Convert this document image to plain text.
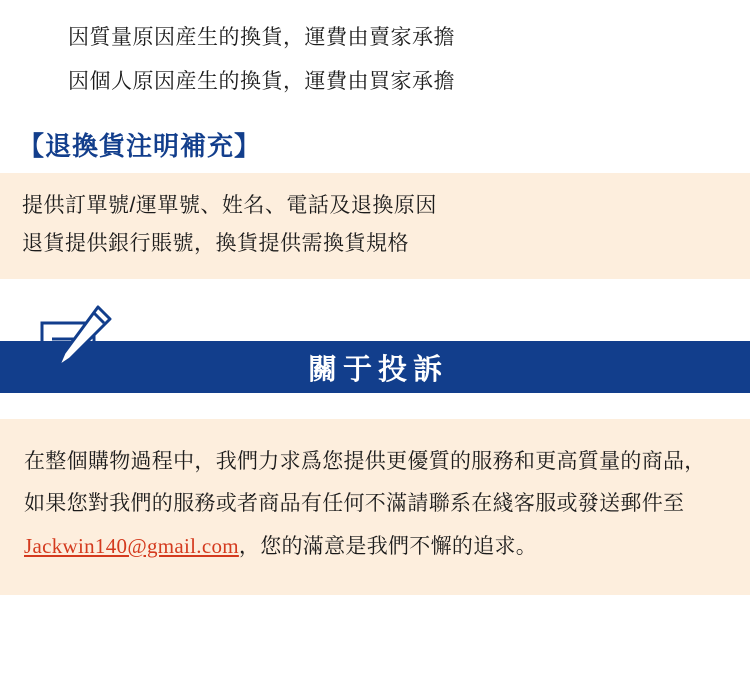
因質量原因産生的換貨，運費由賣家承擔
因個人原因産生的換貨，運費由買家承擔
【退換貨注明補充】
提供訂單號/運單號、姓名、電話及退換原因
退貨提供銀行賬號，換貨提供需換貨規格
關于投訴
在整個購物過程中，我們力求爲您提供更優質的服務和更高質量的商品，如果您對我們的服務或者商品有任何不滿請聯系在綫客服或發送郵件至Jackwin140@gmail.com，您的滿意是我們不懈的追求。
